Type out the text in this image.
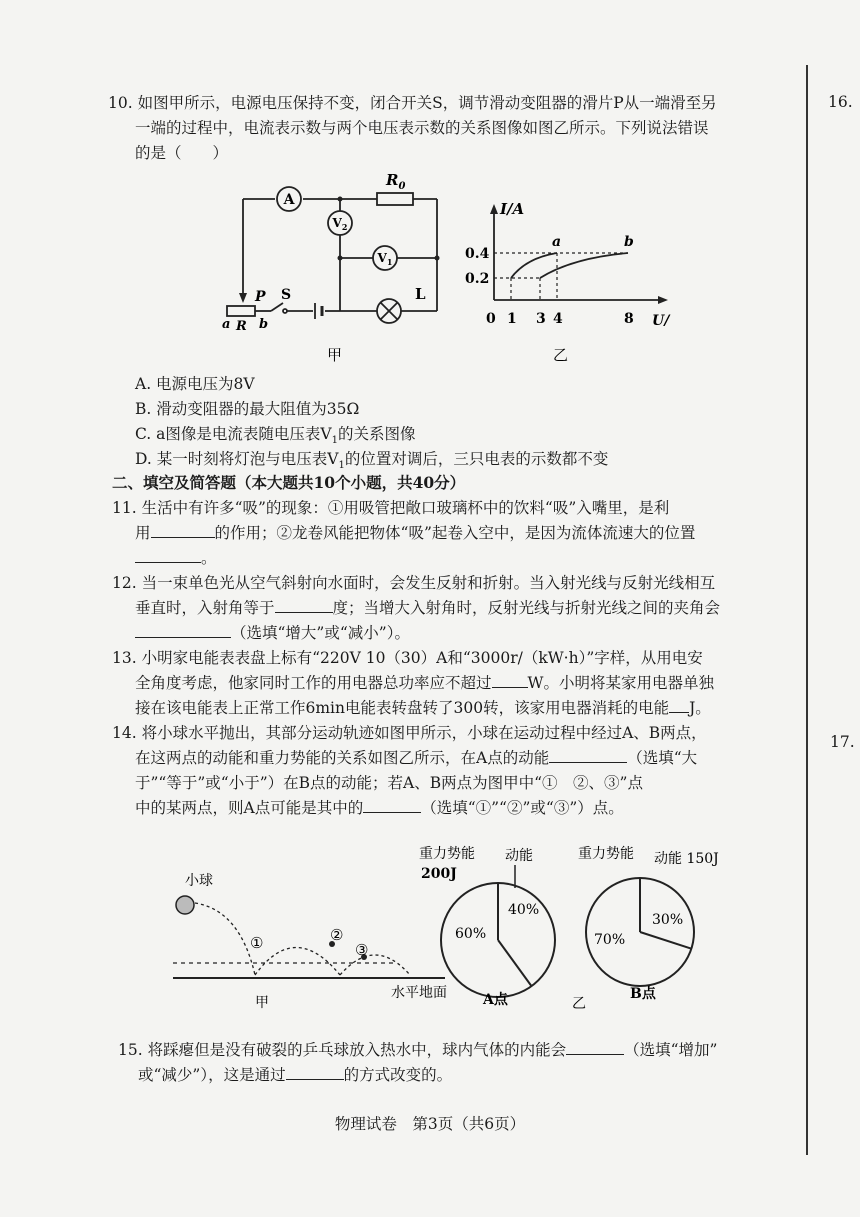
16.
17.
10. 如图甲所示，电源电压保持不变，闭合开关S，调节滑动变阻器的滑片P从一端滑至另
一端的过程中，电流表示数与两个电压表示数的关系图像如图乙所示。下列说法错误
的是（　　）
A
$V_2$
$V_1$
$R_0$
L
P S
a R b
甲
I/A
0.4
0.2
0 1 3 4	8 U/
a	b
乙
A. 电源电压为8V
B. 滑动变阻器的最大阻值为35Ω
C. a图像是电流表随电压表$V_1$的关系图像
D. 某一时刻将灯泡与电压表$V_1$的位置对调后，三只电表的示数都不变
二、填空及简答题（本大题共10个小题，共40分）
11. 生活中有许多“吸”的现象：①用吸管把敞口玻璃杯中的饮料“吸”入嘴里，是利
用	的作用；②龙卷风能把物体“吸”起卷入空中，是因为流体流速大的位置
。
12. 当一束单色光从空气斜射向水面时，会发生反射和折射。当入射光线与反射光线相互
垂直时，入射角等于	度；当增大入射角时，反射光线与折射光线之间的夹角会
（选填“增大”或“减小”）。
13. 小明家电能表表盘上标有“220V 10（30）A和“3000r/（kW·h）”字样，从用电安
全角度考虑，他家同时工作的用电器总功率应不超过 W。小明将某家用电器单独
接在该电能表上正常工作6min电能表转盘转了300转，该家用电器消耗的电能 J。
14. 将小球水平抛出，其部分运动轨迹如图甲所示，小球在运动过程中经过A、B两点，
在这两点的动能和重力势能的关系如图乙所示，在A点的动能	（选填“大
于”“等于”或“小于”）在B点的动能；若A、B两点为图甲中“①　②、③”点
中的某两点，则A点可能是其中的	（选填“①”“②”或“③”）点。
小球
①	②
③
水平地面
甲
重力势能
200J
动能
40%
60%
A点
重力势能 动能 150J
30%
70%
B点
乙
15. 将踩瘪但是没有破裂的乒乓球放入热水中，球内气体的内能会	（选填“增加”
或“减少”），这是通过	的方式改变的。
物理试卷　第3页（共6页）
